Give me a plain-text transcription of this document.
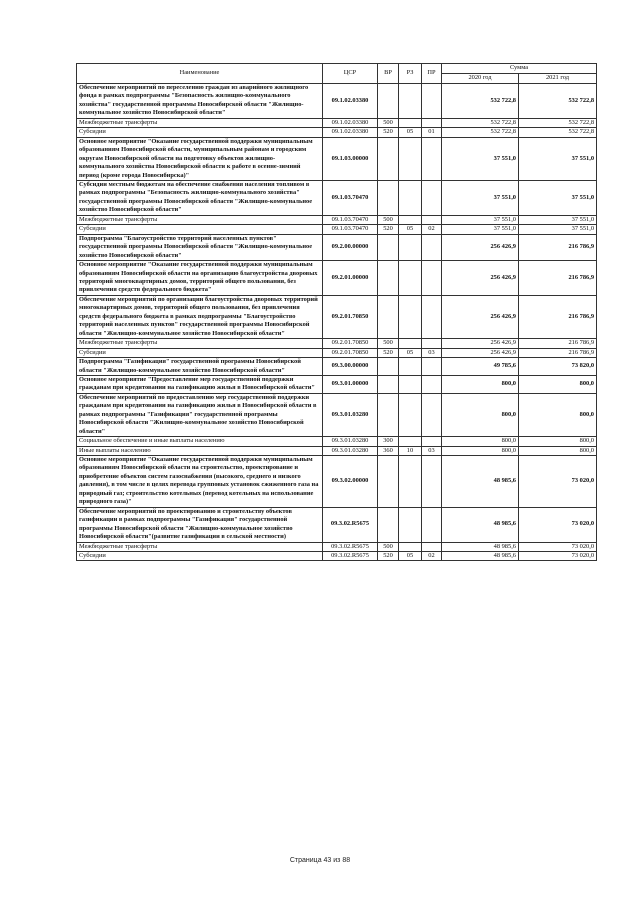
Наименование	ЦСР	ВР	РЗ	ПР	Сумма	
					2020 год	2021 год
Обеспечение мероприятий по переселению граждан из аварийного жилищного фонда в рамках подпрограммы "Безопасность жилищно-коммунального хозяйства" государственной программы Новосибирской области "Жилищно-коммунальное хозяйство Новосибирской области"	09.1.02.03380				532 722,8	532 722,8
Межбюджетные трансферты	09.1.02.03380	500			532 722,8	532 722,8
Субсидии	09.1.02.03380	520	05	01	532 722,8	532 722,8
Основное мероприятие "Оказание государственной поддержки муниципальным образованиям Новосибирской области, муниципальным районам и городским округам Новосибирской области на подготовку объектов жилищно-коммунального хозяйства Новосибирской области к работе в осенне-зимний период (кроме города Новосибирска)"	09.1.03.00000				37 551,0	37 551,0
Субсидии местным бюджетам на обеспечение снабжения населения топливом в рамках подпрограммы "Безопасность жилищно-коммунального хозяйства" государственной программы Новосибирской области "Жилищно-коммунальное хозяйство Новосибирской области"	09.1.03.70470				37 551,0	37 551,0
Межбюджетные трансферты	09.1.03.70470	500			37 551,0	37 551,0
Субсидии	09.1.03.70470	520	05	02	37 551,0	37 551,0
Подпрограмма "Благоустройство территорий населенных пунктов" государственной программы Новосибирской области "Жилищно-коммунальное хозяйство Новосибирской области"	09.2.00.00000				256 426,9	216 786,9
Основное мероприятие "Оказание государственной поддержки муниципальным образованиям Новосибирской области на организацию благоустройства дворовых территорий многоквартирных домов, территорий общего пользования, без привлечения средств федерального бюджета"	09.2.01.00000				256 426,9	216 786,9
Обеспечение мероприятий по организации благоустройства дворовых территорий многоквартирных домов, территорий общего пользования, без привлечения средств федерального бюджета в рамках подпрограммы "Благоустройство территорий населенных пунктов" государственной программы Новосибирской области "Жилищно-коммунальное хозяйство Новосибирской области"	09.2.01.70850				256 426,9	216 786,9
Межбюджетные трансферты	09.2.01.70850	500			256 426,9	216 786,9
Субсидии	09.2.01.70850	520	05	03	256 426,9	216 786,9
Подпрограмма "Газификация" государственной программы Новосибирской области "Жилищно-коммунальное хозяйство Новосибирской области"	09.3.00.00000				49 785,6	73 820,0
Основное мероприятие "Предоставление мер государственной поддержки гражданам при кредитовании на газификацию жилья в Новосибирской области"	09.3.01.00000				800,0	800,0
Обеспечение мероприятий по предоставлению мер государственной поддержки гражданам при кредитовании на газификацию жилья в Новосибирской области в рамках подпрограммы "Газификация" государственной программы Новосибирской области "Жилищно-коммунальное хозяйство Новосибирской области"	09.3.01.03280				800,0	800,0
Социальное обеспечение и иные выплаты населению	09.3.01.03280	300			800,0	800,0
Иные выплаты населению	09.3.01.03280	360	10	03	800,0	800,0
Основное мероприятие "Оказание государственной поддержки муниципальным образованиям Новосибирской области на строительство, проектирование и приобретение объектов систем газоснабжения (высокого, среднего и низкого давления), в том числе в целях перевода групповых установок сжиженного газа на природный газ; строительство котельных (перевод котельных на использование природного газа)"	09.3.02.00000				48 985,6	73 020,0
Обеспечение мероприятий по проектированию и строительству объектов газификации в рамках подпрограммы "Газификация" государственной программы Новосибирской области "Жилищно-коммунальное хозяйство Новосибирской области"(развитие газификации в сельской местности)	09.3.02.R5675				48 985,6	73 020,0
Межбюджетные трансферты	09.3.02.R5675	500			48 985,6	73 020,0
Субсидии	09.3.02.R5675	520	05	02	48 985,6	73 020,0
Страница 43 из 88
